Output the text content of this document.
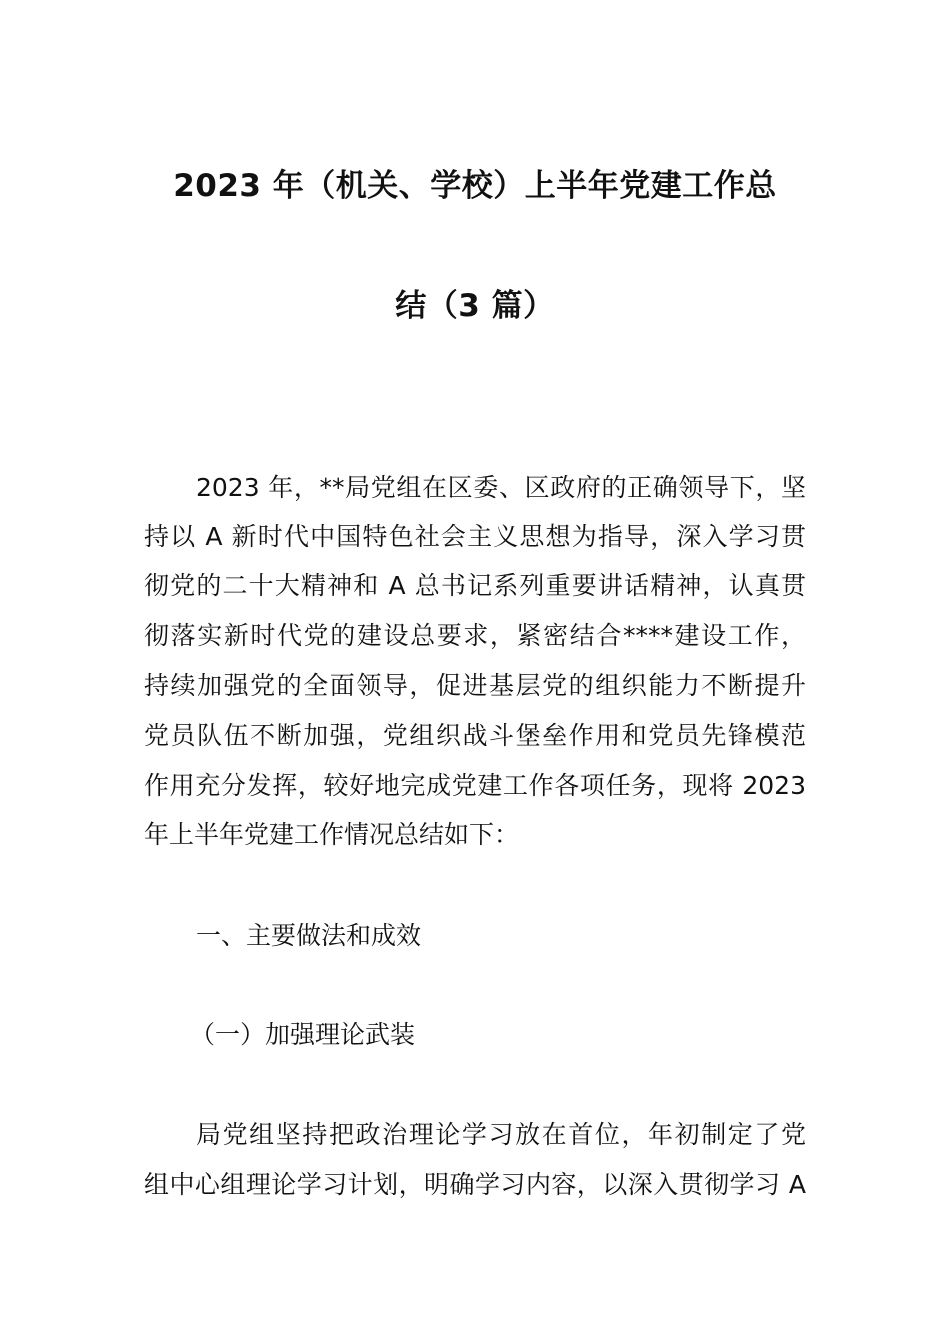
2023 年（机关、学校）上半年党建工作总
结（3 篇）
2023 年，**局党组在区委、区政府的正确领导下，坚
持以 A 新时代中国特色社会主义思想为指导，深入学习贯
彻党的二十大精神和 A 总书记系列重要讲话精神，认真贯
彻落实新时代党的建设总要求，紧密结合****建设工作，
持续加强党的全面领导，促进基层党的组织能力不断提升
党员队伍不断加强，党组织战斗堡垒作用和党员先锋模范
作用充分发挥，较好地完成党建工作各项任务，现将 2023
年上半年党建工作情况总结如下：
一、主要做法和成效
（一）加强理论武装
局党组坚持把政治理论学习放在首位，年初制定了党
组中心组理论学习计划，明确学习内容，以深入贯彻学习 A
